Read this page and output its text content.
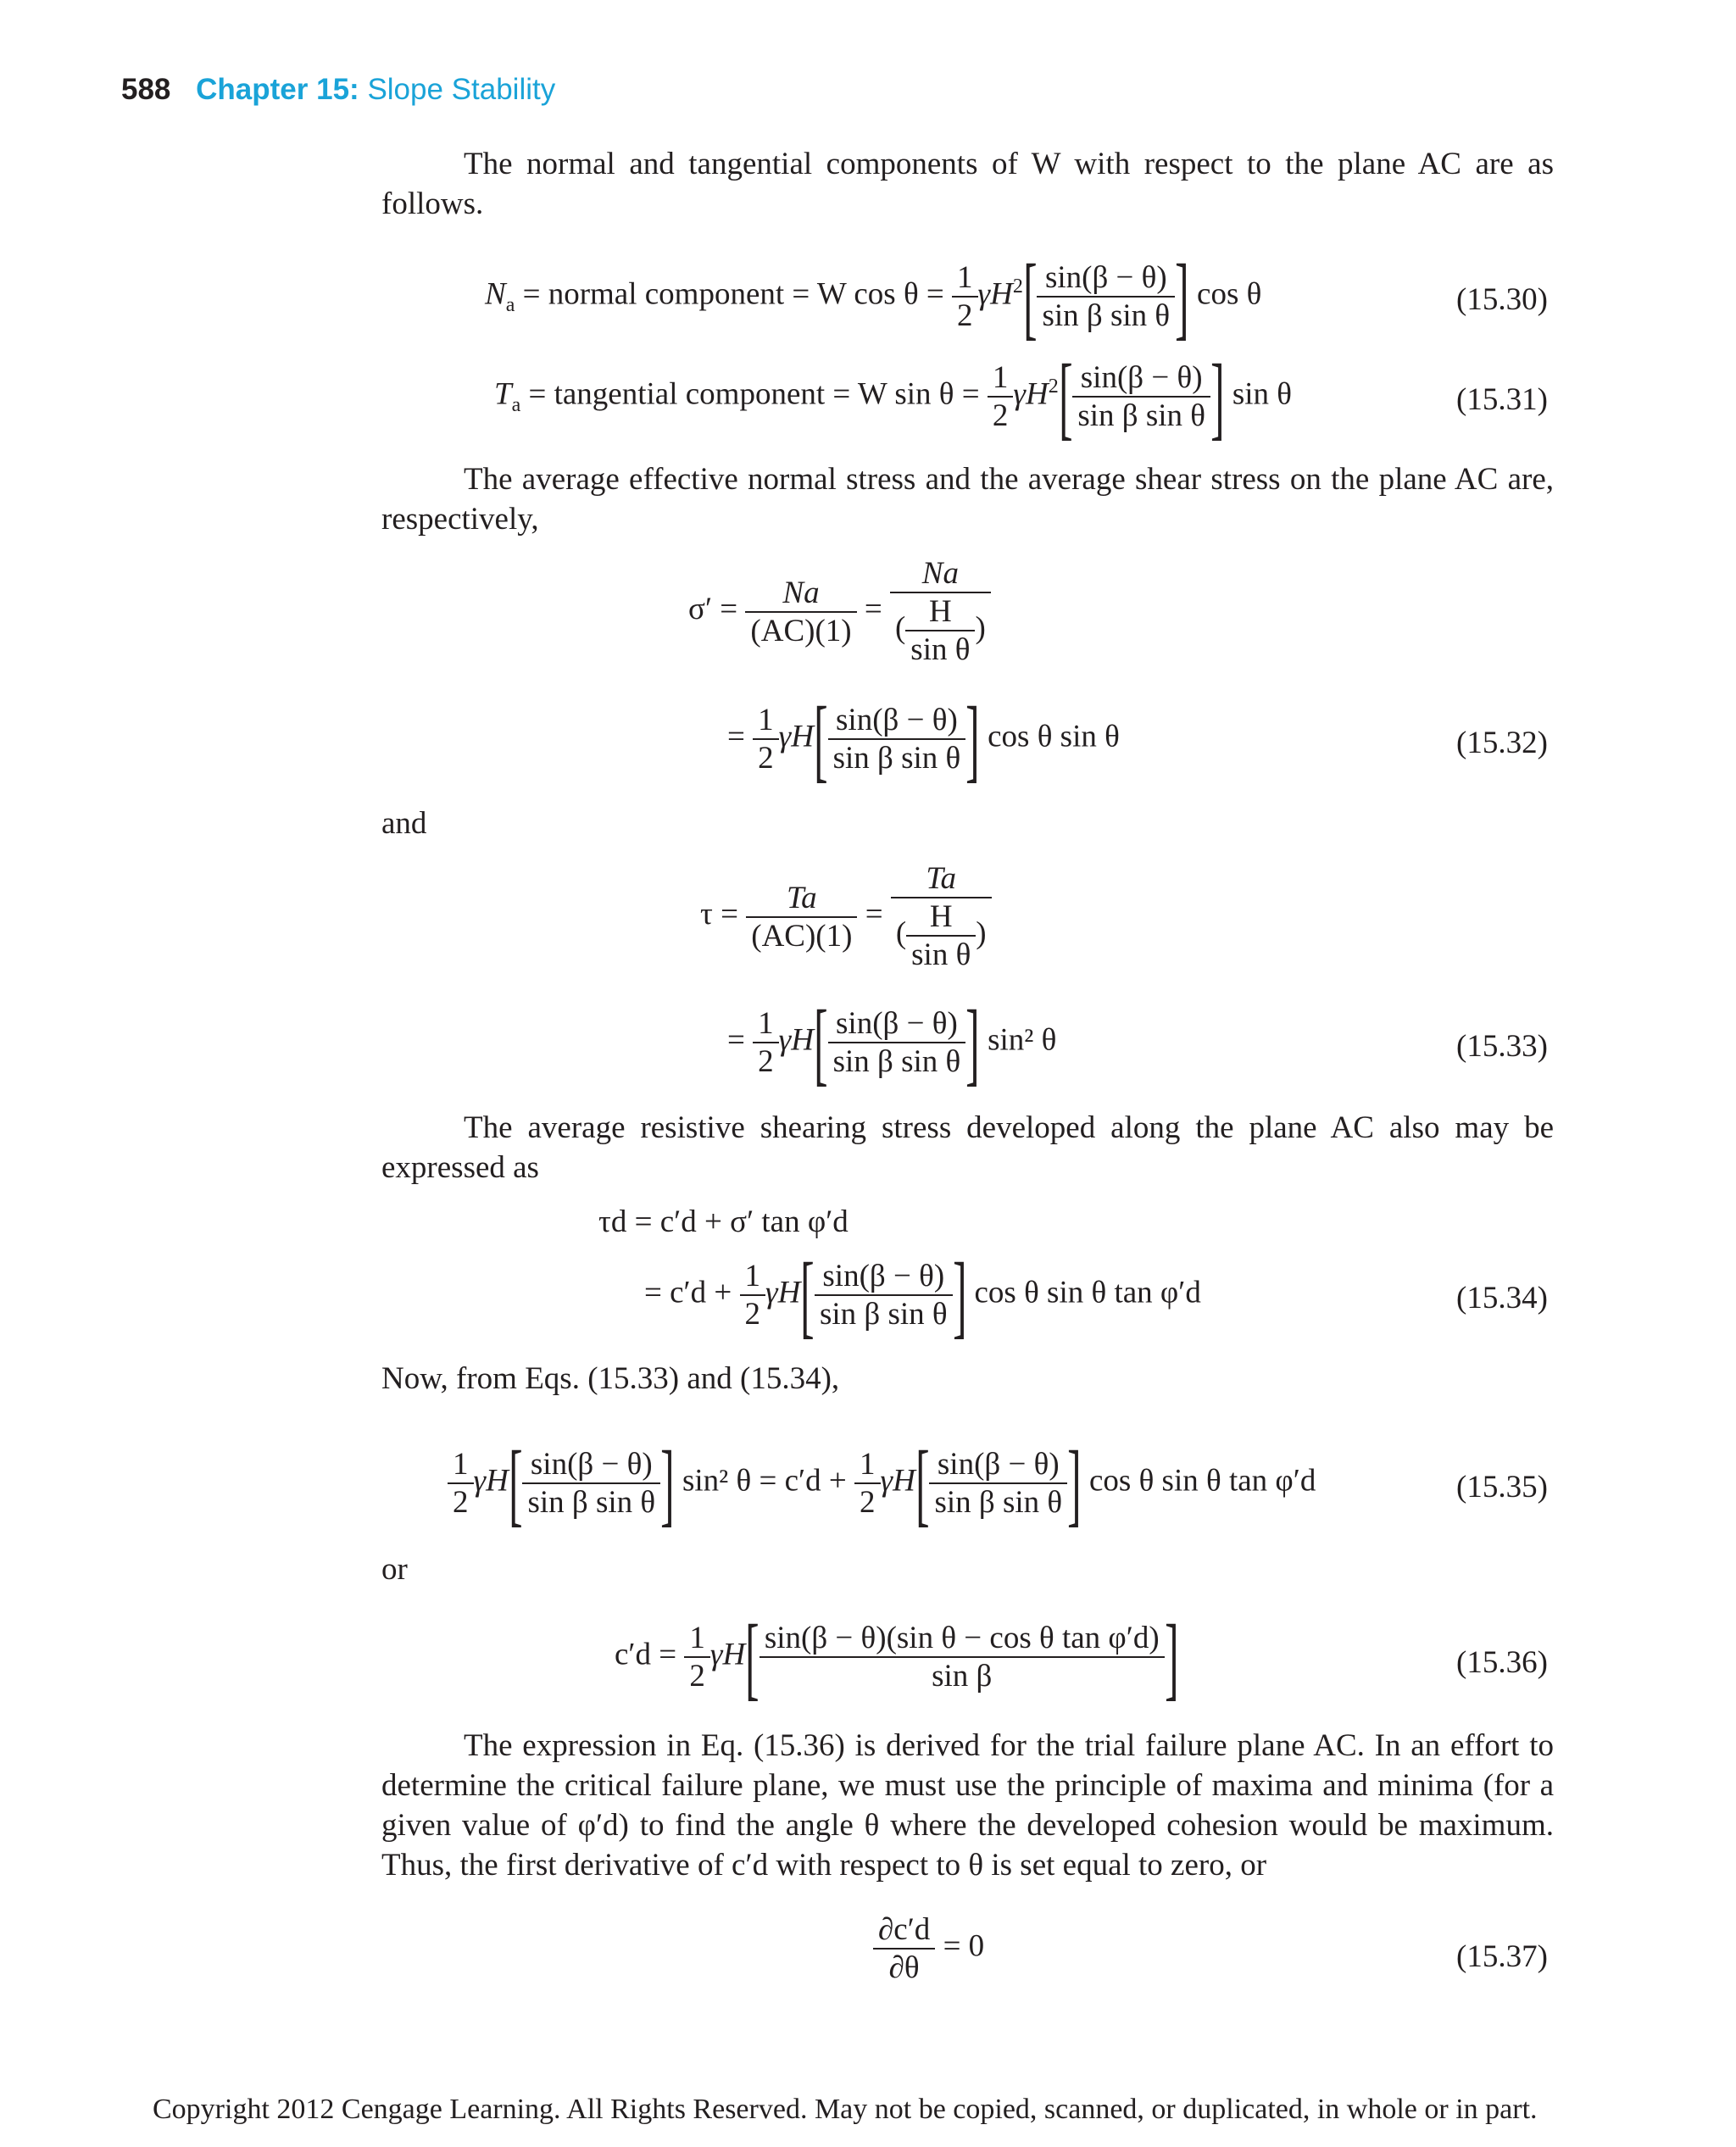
588 Chapter 15: Slope Stability
The normal and tangential components of W with respect to the plane AC are as follows.
$N_a$ = normal component = W $\cos \theta = \frac{1}{2} \gamma H^2[ \frac{\sin(\beta - \theta)}{\text{sin β sin θ}}$ ] cos θ	(15.30)
$T_a$ = tangential component = W $\sin \theta = \frac{1}{2} \gamma H^2[ \frac{\sin(\beta - \theta)}{\text{sin β sin θ}}$ ] sin θ	(15.31)
The average effective normal stress and the average shear stress on the plane AC are, respectively,
$\sigma' = \frac{Na}{(AC)(1)} = \frac{Na}{( \frac{H}{\text{sin θ}} )}$
= $\frac{1}{2} \gamma H[ \frac{\sin(\beta - \theta)}{\text{sin β sin θ}}$ ] cos θ sin θ	(15.32)
and
$\tau = \frac{Ta}{(AC)(1)} = \frac{Ta}{( \frac{H}{\text{sin θ}} )}$
= $\frac{1}{2} \gamma H[ \frac{\sin(\beta - \theta)}{\text{sin β sin θ}}$ ] sin² θ	(15.33)
The average resistive shearing stress developed along the plane AC also may be expressed as
τd = c′d + σ′ tan φ′d
= $c'd + \frac{1}{2} \gamma H[ \frac{\sin(\beta - \theta)}{\text{sin β sin θ}}$ ] cos θ sin θ tan φ′d	(15.34)
Now, from Eqs. (15.33) and (15.34),
$\frac{1}{2} \gamma H[ \frac{\sin(\beta - \theta)}{\text{sin β sin θ}}$ ] sin² $\theta = c'd + \frac{1}{2} \gamma H[ \frac{\sin(\beta - \theta)}{\text{sin β sin θ}}$ ] cos θ sin θ tan φ′d	(15.35)
or
$c'd = \frac{1}{2} \gamma H[ \frac{\text{sin(β − θ)(sin θ − cos θ tan φ′d)}}{\text{sin β}}$ ]	(15.36)
The expression in Eq. (15.36) is derived for the trial failure plane AC. In an effort to determine the critical failure plane, we must use the principle of maxima and minima (for a given value of φ′d) to find the angle θ where the developed cohesion would be maximum. Thus, the first derivative of c′d with respect to θ is set equal to zero, or
$\frac{\partial c'd}{\partial\theta} = 0$	(15.37)
Copyright 2012 Cengage Learning. All Rights Reserved. May not be copied, scanned, or duplicated, in whole or in part.
